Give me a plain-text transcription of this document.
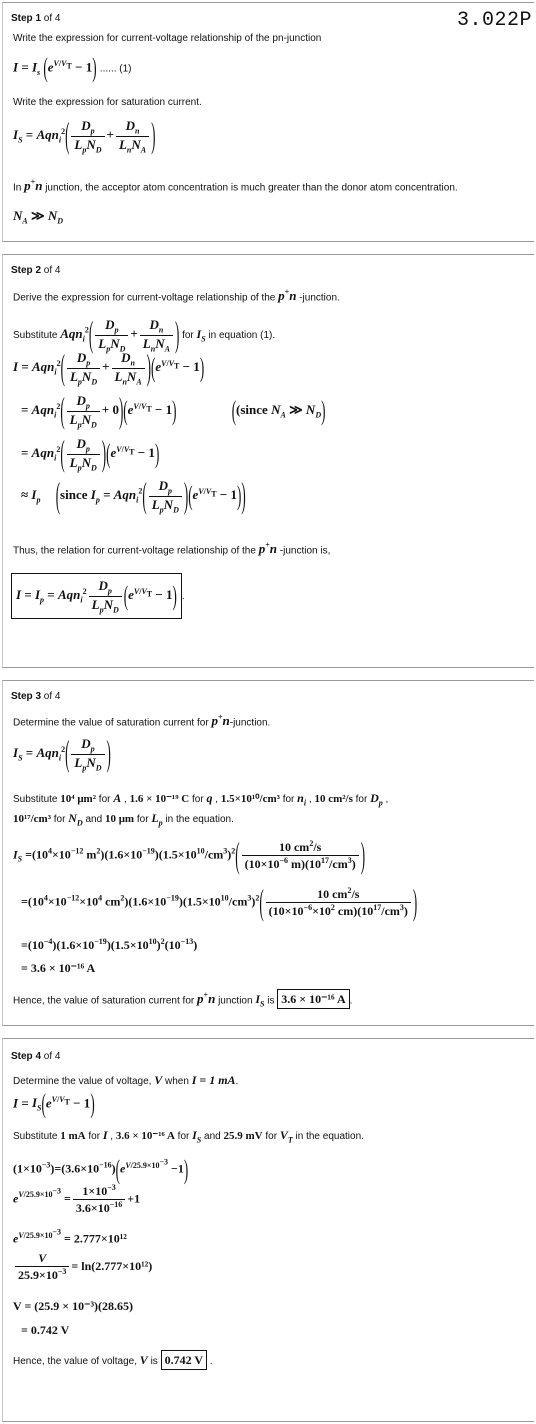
Step 1 of 4	3.022P
Write the expression for current-voltage relationship of the pn-junction
$I = I_s$ $(e^{V/V_T} - 1)$ ...... (1)
Write the expression for saturation current.
$I_S = Aqn_i^2( \frac{D_p}{L_pN_D} + \frac{D_n}{L_nN_A}$ )
In p+n junction, the acceptor atom concentration is much greater than the donor atom concentration.
$N_A$ ≫ $N_D$
Step 2 of 4
Derive the expression for current-voltage relationship of the p+n -junction.
Substitute $Aqn_i^2( \frac{D_p}{L_pN_D} + \frac{D_n}{L_nN_A}$ ) for $I_S$ in equation (1).
$I = Aqn_i^2( \frac{D_p}{L_pN_D} + \frac{D_n}{L_nN_A} )(e^{V/V_T} - 1)$
= $Aqn_i^2( \frac{D_p}{L_pN_D} + 0)(e^{V/V_T} - 1)$	((since $N_A$ ≫ $N_D$)
= $Aqn_i^2( \frac{D_p}{L_pN_D} )(e^{V/V_T} - 1)$
≈ $I_p$ (since $I_p = Aqn_i^2( \frac{D_p}{L_pN_D} )(e^{V/V_T} - 1)$)
Thus, the relation for current-voltage relationship of the p+n -junction is,
$I = I_p = Aqn_i^2 \frac{D_p}{L_pN_D} (e^{V/V_T} - 1)$ .
Step 3 of 4
Determine the value of saturation current for p+n-junction.
$I_S = Aqn_i^2( \frac{D_p}{L_pN_D}$ )
Substitute 10⁴ μm² for A , 1.6 × 10⁻¹⁹ C for q , 1.5×10¹⁰/cm³ for $n_i$ , 10 cm²/s for $D_p$ ,
10¹⁷/cm³ for $N_D$ and 10 μm for $L_p$ in the equation.
$I_S =(10^4\times 10^{-12}$ $m^2)(1.6\times 10^{-19})(1.5\times 10^{10}/cm^3)^2( \frac{10 cm^2/s}{(10\times 10^{-6} m)(10^{17}/cm^3)}$ )
$=(10^4\times 10^{-12}\times 10^4$ $cm^2)(1.6\times 10^{-19})(1.5\times 10^{10}/cm^3)^2( \frac{10 cm^2/s}{(10\times 10^{-6}\times 10^2 cm)(10^{17}/cm^3)}$ )
$=(10^{-4})(1.6\times 10^{-19})(1.5\times 10^{10})^2(10^{-13})$
= 3.6 × 10⁻¹⁶ A
Hence, the value of saturation current for p+n junction $I_S$ is 3.6 × 10⁻¹⁶ A .
Step 4 of 4
Determine the value of voltage, V when I = 1 mA.
$I = I_S(e^{V/V_T} - 1)$
Substitute 1 mA for I , 3.6 × 10⁻¹⁶ A for $I_S$ and 25.9 mV for $V_T$ in the equation.
$(1\times 10^{-3})=(3.6\times 10^{-16})(e^{V/25.9\times 10^{-3}} -1)$
$e^{V/25.9\times 10^{-3}} = \frac{1\times 10^{-3}}{3.6\times 10^{-16}} +1$
$e^{V/25.9\times 10^{-3}} = 2.777\times 10^{12}$
$\frac{V}{25.9\times 10^{-3}} = \ln(2.777\times 10^{12})$
V = (25.9 × 10⁻³)(28.65)
= 0.742 V
Hence, the value of voltage, V is 0.742 V .
